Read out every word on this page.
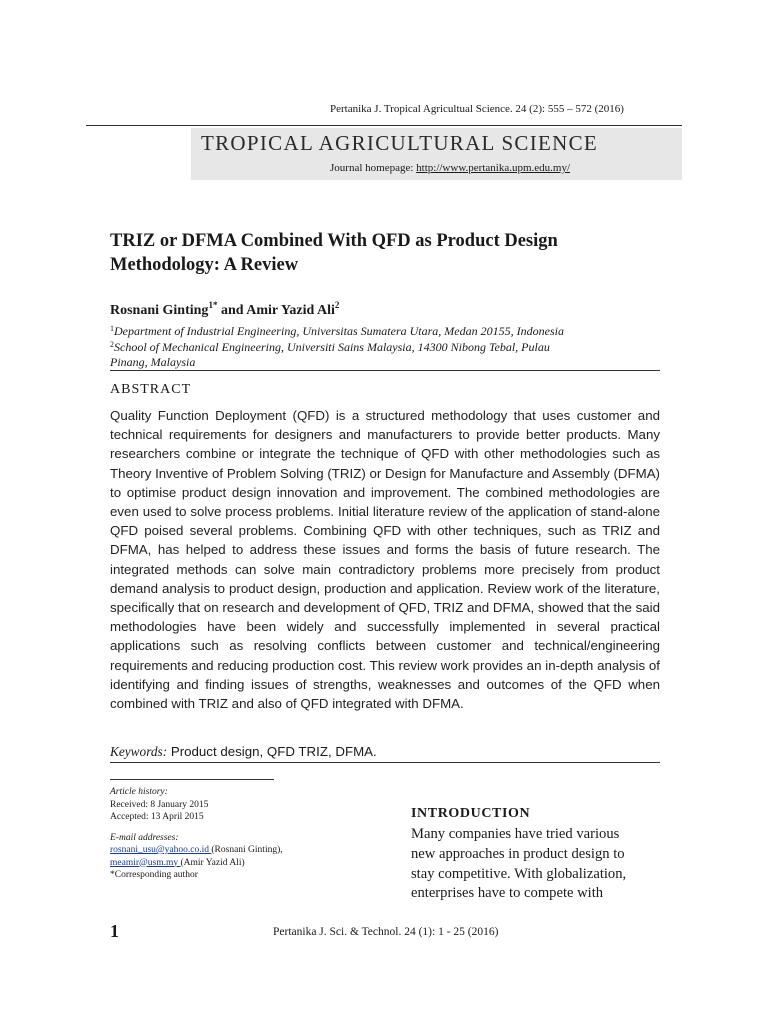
Pertanika J. Tropical Agricultual Science. 24 (2): 555 – 572 (2016)
TROPICAL AGRICULTURAL SCIENCE
Journal homepage: http://www.pertanika.upm.edu.my/
TRIZ or DFMA Combined With QFD as Product Design
Methodology: A Review
Rosnani Ginting$^{1*}$ and Amir Yazid Ali$^2$
$^1$Department of Industrial Engineering, Universitas Sumatera Utara, Medan 20155, Indonesia
$^2$School of Mechanical Engineering, Universiti Sains Malaysia, 14300 Nibong Tebal, Pulau
Pinang, Malaysia
ABSTRACT
Quality Function Deployment (QFD) is a structured methodology that uses customer and technical requirements for designers and manufacturers to provide better products. Many researchers combine or integrate the technique of QFD with other methodologies such as Theory Inventive of Problem Solving (TRIZ) or Design for Manufacture and Assembly (DFMA) to optimise product design innovation and improvement. The combined methodologies are even used to solve process problems. Initial literature review of the application of stand-alone QFD poised several problems. Combining QFD with other techniques, such as TRIZ and DFMA, has helped to address these issues and forms the basis of future research. The integrated methods can solve main contradictory problems more precisely from product demand analysis to product design, production and application. Review work of the literature, specifically that on research and development of QFD, TRIZ and DFMA, showed that the said methodologies have been widely and successfully implemented in several practical applications such as resolving conflicts between customer and technical/engineering requirements and reducing production cost. This review work provides an in-depth analysis of identifying and finding issues of strengths, weaknesses and outcomes of the QFD when combined with TRIZ and also of QFD integrated with DFMA.
Keywords: Product design, QFD TRIZ, DFMA.
Article history:
Received: 8 January 2015
Accepted: 13 April 2015
E-mail addresses:
rosnani_usu@yahoo.co.id (Rosnani Ginting),
meamir@usm.my (Amir Yazid Ali)
*Corresponding author
INTRODUCTION
Many companies have tried various
new approaches in product design to
stay competitive. With globalization,
enterprises have to compete with
1	Pertanika J. Sci. & Technol. 24 (1): 1 - 25 (2016)
